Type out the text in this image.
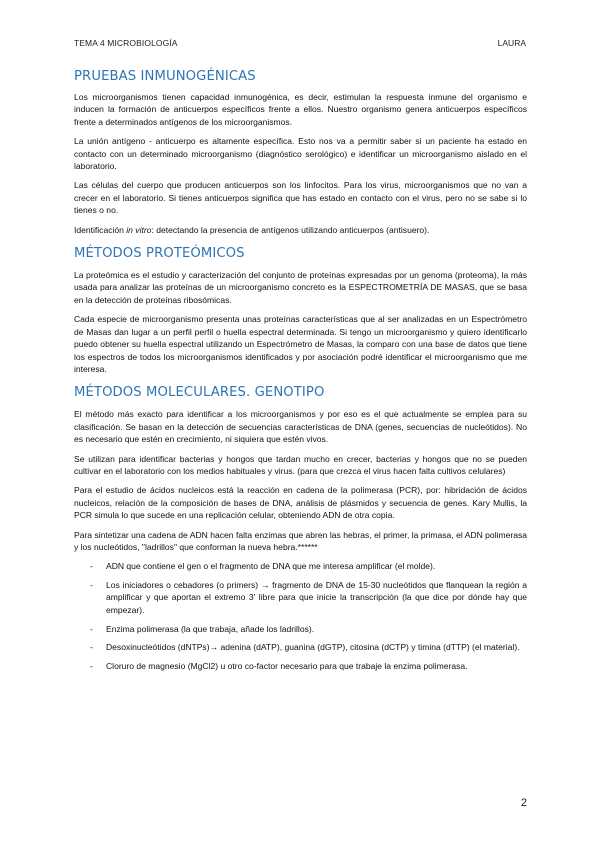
TEMA 4 MICROBIOLOGÍA	LAURA
PRUEBAS INMUNOGÉNICAS

Los microorganismos tienen capacidad inmunogénica, es decir, estimulan la respuesta inmune del organismo e inducen la formación de anticuerpos específicos frente a ellos. Nuestro organismo genera anticuerpos específicos frente a determinados antígenos de los microorganismos.

La unión antígeno - anticuerpo es altamente específica. Esto nos va a permitir saber si un paciente ha estado en contacto con un determinado microorganismo (diagnóstico serológico) e identificar un microorganismo aislado en el laboratorio.

Las células del cuerpo que producen anticuerpos son los linfocitos. Para los virus, microorganismos que no van a crecer en el laboratorio. Si tienes anticuerpos significa que has estado en contacto con el virus, pero no se sabe si lo tienes o no.

Identificación in vitro: detectando la presencia de antígenos utilizando anticuerpos (antisuero).

MÉTODOS PROTEÓMICOS

La proteómica es el estudio y caracterización del conjunto de proteínas expresadas por un genoma (proteoma), la más usada para analizar las proteínas de un microorganismo concreto es la ESPECTROMETRÍA DE MASAS, que se basa en la detección de proteínas ribosómicas.

Cada especie de microorganismo presenta unas proteínas características que al ser analizadas en un Espectrómetro de Masas dan lugar a un perfil perfil o huella espectral determinada. Si tengo un microorganismo y quiero identificarlo puedo obtener su huella espectral utilizando un Espectrómetro de Masas, la comparo con una base de datos que tiene los espectros de todos los microorganismos identificados y por asociación podré identificar el microorganismo que me interesa.

MÉTODOS MOLECULARES. GENOTIPO

El método más exacto para identificar a los microorganismos y por eso es el que actualmente se emplea para su clasificación. Se basan en la detección de secuencias características de DNA (genes, secuencias de nucleótidos). No es necesario que estén en crecimiento, ni siquiera que estén vivos.

Se utilizan para identificar bacterias y hongos que tardan mucho en crecer, bacterias y hongos que no se pueden cultivar en el laboratorio con los medios habituales y virus. (para que crezca el virus hacen falta cultivos celulares)

Para el estudio de ácidos nucleicos está la reacción en cadena de la polimerasa (PCR), por: hibridación de ácidos nucleicos, relación de la composición de bases de DNA, análisis de plásmidos y secuencia de genes. Kary Mullis, la PCR simula lo que sucede en una replicación celular, obteniendo ADN de otra copia.

Para sintetizar una cadena de ADN hacen falta enzimas que abren las hebras, el primer, la primasa, el ADN polimerasa y los nucleótidos, "ladrillos" que conforman la nueva hebra.******

- ADN que contiene el gen o el fragmento de DNA que me interesa amplificar (el molde).
- Los iniciadores o cebadores (o primers) → fragmento de DNA de 15-30 nucleótidos que flanquean la región a amplificar y que aportan el extremo 3' libre para que inicie la transcripción (la que dice por dónde hay que empezar).
- Enzima polimerasa (la que trabaja, añade los ladrillos).
- Desoxinucleótidos (dNTPs)→ adenina (dATP), guanina (dGTP), citosina (dCTP) y timina (dTTP) (el material).
- Cloruro de magnesio (MgCl2) u otro co-factor necesario para que trabaje la enzima polimerasa.
2
